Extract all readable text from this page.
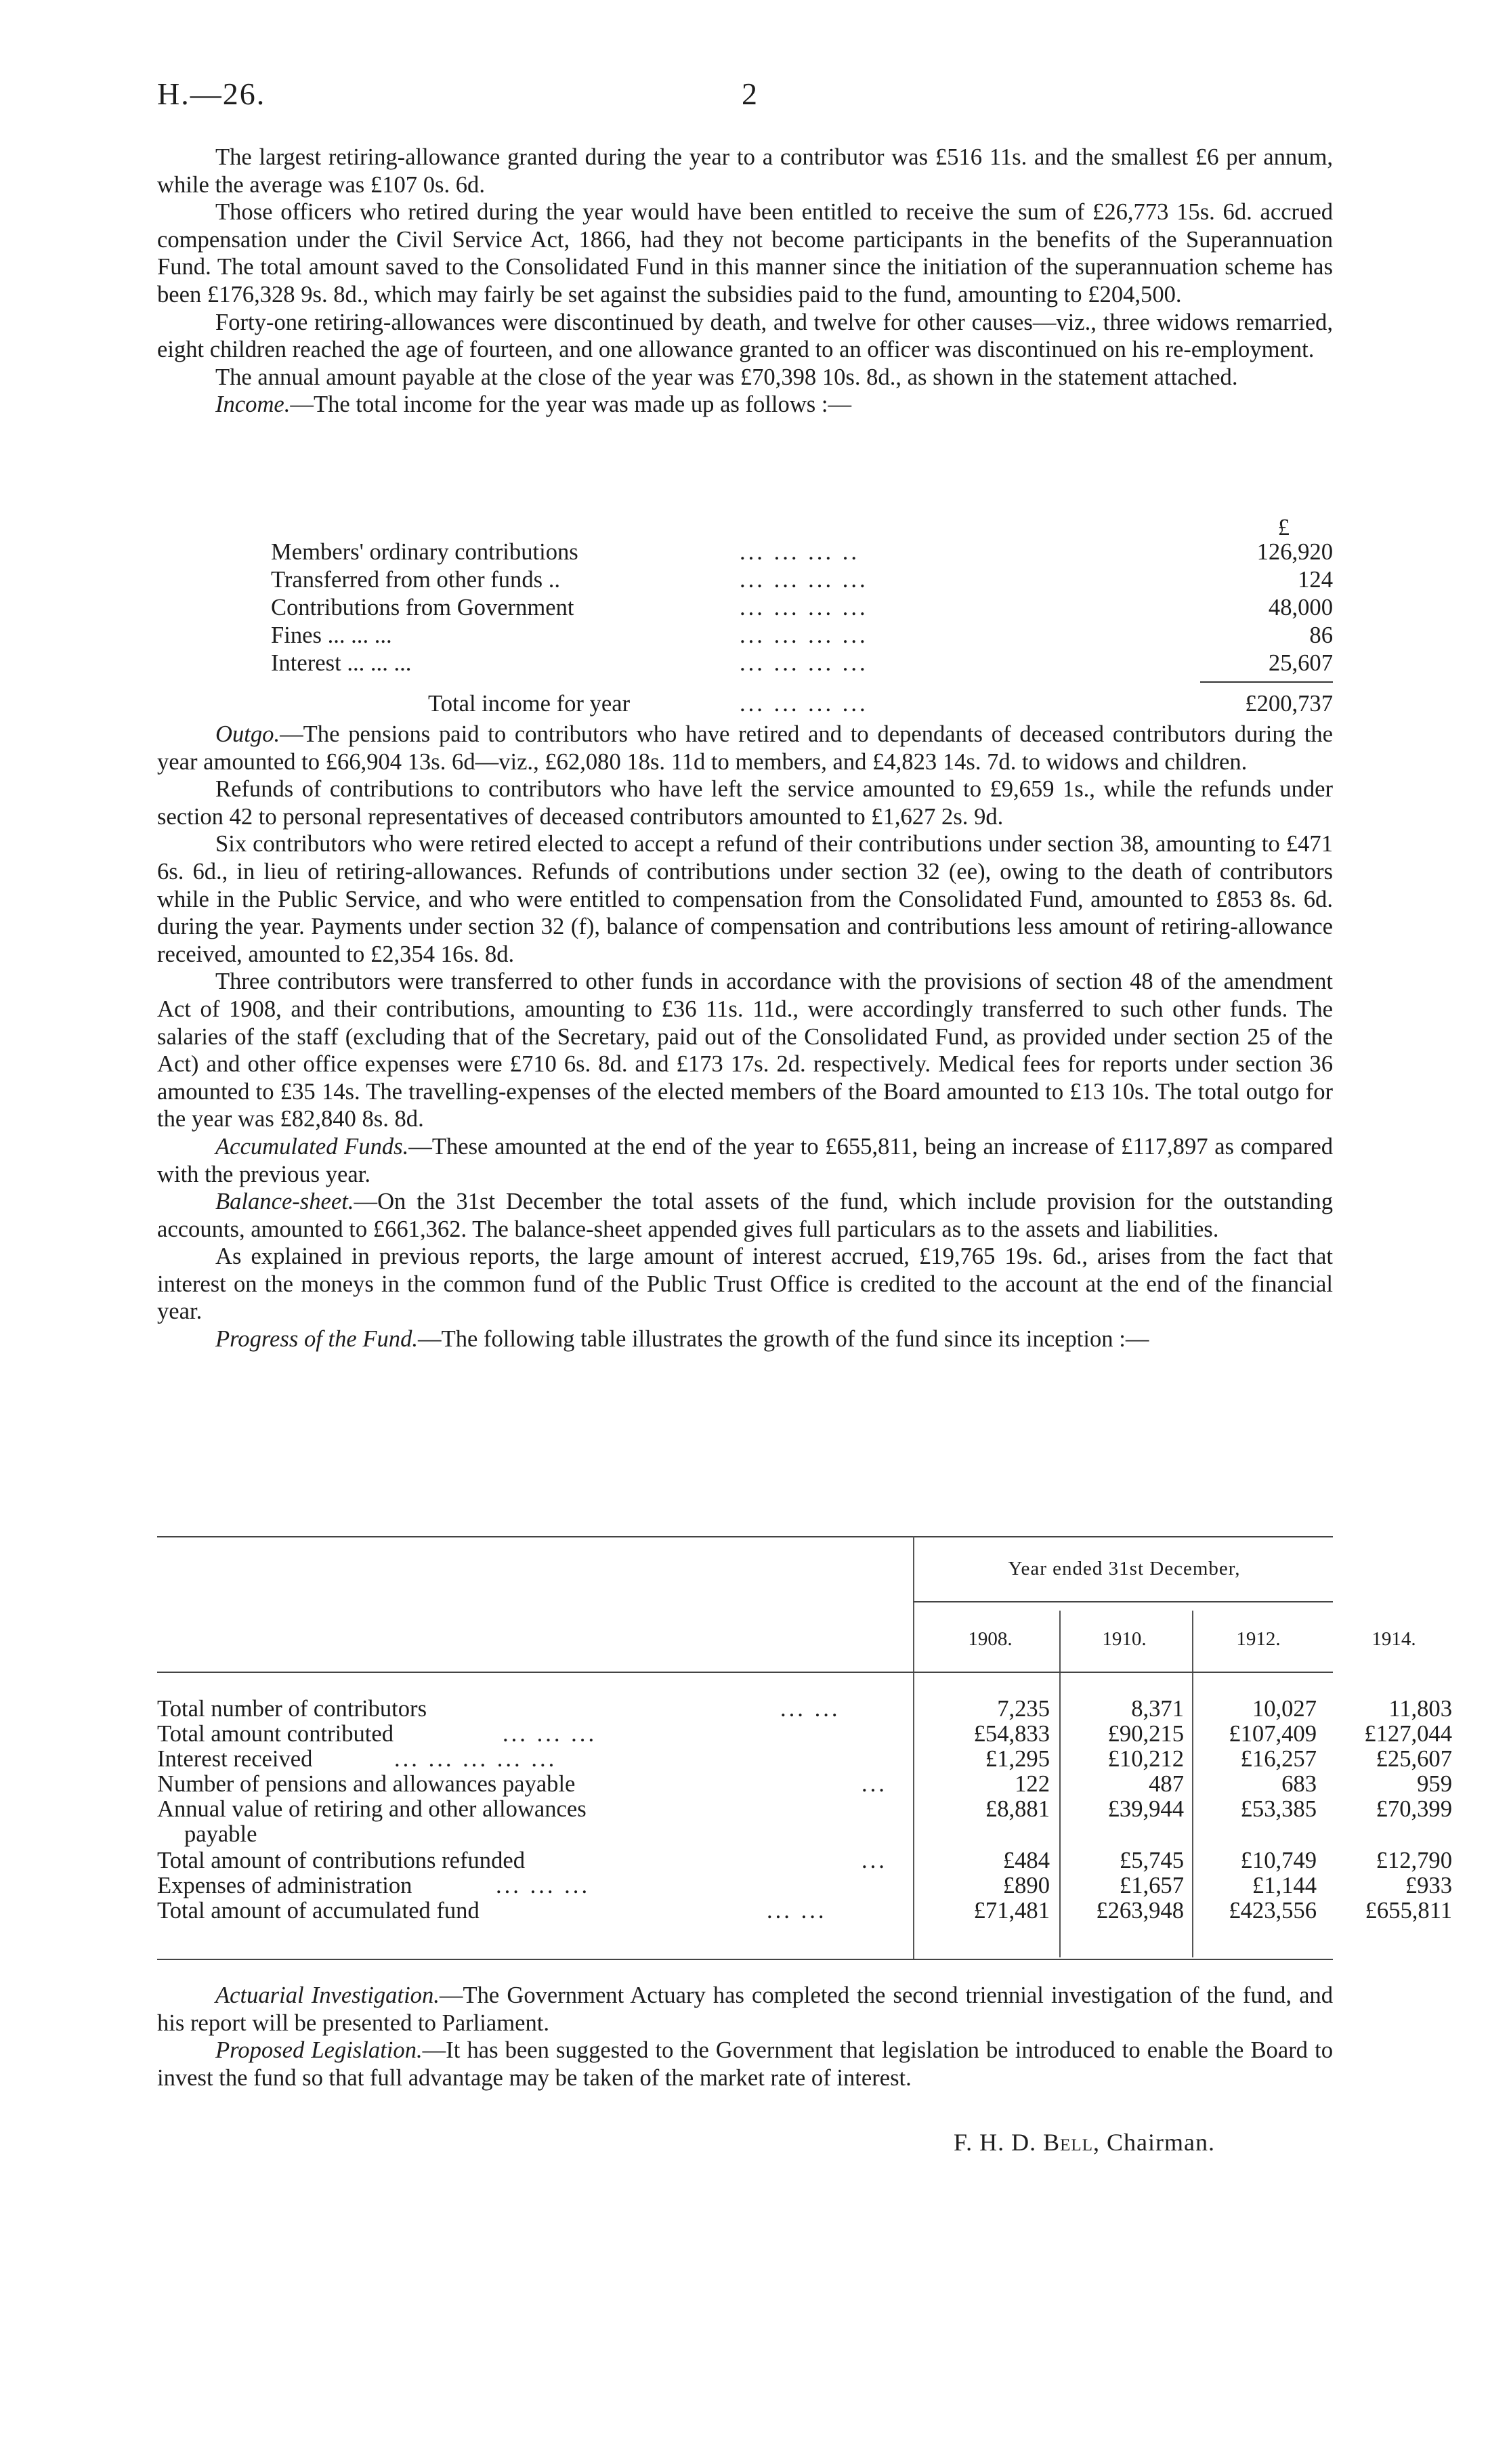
H.—26.	2

The largest retiring-allowance granted during the year to a contributor was £516 11s. and the smallest £6 per annum, while the average was £107 0s. 6d.

Those officers who retired during the year would have been entitled to receive the sum of £26,773 15s. 6d. accrued compensation under the Civil Service Act, 1866, had they not become participants in the benefits of the Superannuation Fund. The total amount saved to the Consolidated Fund in this manner since the initiation of the superannuation scheme has been £176,328 9s. 8d., which may fairly be set against the subsidies paid to the fund, amounting to £204,500.

Forty-one retiring-allowances were discontinued by death, and twelve for other causes—viz., three widows remarried, eight children reached the age of fourteen, and one allowance granted to an officer was discontinued on his re-employment.

The annual amount payable at the close of the year was £70,398 10s. 8d., as shown in the statement attached.

Income.—The total income for the year was made up as follows :—

£
Members' ordinary contributions	... ... ... ..	126,920
Transferred from other funds ..	... ... ... ...	124
Contributions from Government	... ... ... ...	48,000
Fines ... ... ...	... ... ... ...	86
Interest ... ... ...	... ... ... ...	25,607
Total income for year	... ... ... ...	£200,737

Outgo.—The pensions paid to contributors who have retired and to dependants of deceased contributors during the year amounted to £66,904 13s. 6d—viz., £62,080 18s. 11d to members, and £4,823 14s. 7d. to widows and children.

Refunds of contributions to contributors who have left the service amounted to £9,659 1s., while the refunds under section 42 to personal representatives of deceased contributors amounted to £1,627 2s. 9d.

Six contributors who were retired elected to accept a refund of their contributions under section 38, amounting to £471 6s. 6d., in lieu of retiring-allowances. Refunds of contributions under section 32 (ee), owing to the death of contributors while in the Public Service, and who were entitled to compensation from the Consolidated Fund, amounted to £853 8s. 6d. during the year. Payments under section 32 (f), balance of compensation and contributions less amount of retiring-allowance received, amounted to £2,354 16s. 8d.

Three contributors were transferred to other funds in accordance with the provisions of section 48 of the amendment Act of 1908, and their contributions, amounting to £36 11s. 11d., were accordingly transferred to such other funds. The salaries of the staff (excluding that of the Secretary, paid out of the Consolidated Fund, as provided under section 25 of the Act) and other office expenses were £710 6s. 8d. and £173 17s. 2d. respectively. Medical fees for reports under section 36 amounted to £35 14s. The travelling-expenses of the elected members of the Board amounted to £13 10s. The total outgo for the year was £82,840 8s. 8d.

Accumulated Funds.—These amounted at the end of the year to £655,811, being an increase of £117,897 as compared with the previous year.

Balance-sheet.—On the 31st December the total assets of the fund, which include provision for the outstanding accounts, amounted to £661,362. The balance-sheet appended gives full particulars as to the assets and liabilities.

As explained in previous reports, the large amount of interest accrued, £19,765 19s. 6d., arises from the fact that interest on the moneys in the common fund of the Public Trust Office is credited to the account at the end of the financial year.

Progress of the Fund.—The following table illustrates the growth of the fund since its inception :—

Year ended 31st December,
1908.	1910.	1912.	1914.
Total number of contributors	... ...	7,235	8,371	10,027	11,803
Total amount contributed	... ... ...	£54,833	£90,215	£107,409	£127,044
Interest received	... ... ... ... ...	£1,295	£10,212	£16,257	£25,607
Number of pensions and allowances payable	...	122	487	683	959
Annual value of retiring and other allowances
payable
£8,881	£39,944	£53,385	£70,399
Total amount of contributions refunded	...	£484	£5,745	£10,749	£12,790
Expenses of administration	... ... ...	£890	£1,657	£1,144	£933
Total amount of accumulated fund	... ...	£71,481	£263,948	£423,556	£655,811

Actuarial Investigation.—The Government Actuary has completed the second triennial investigation of the fund, and his report will be presented to Parliament.

Proposed Legislation.—It has been suggested to the Government that legislation be introduced to enable the Board to invest the fund so that full advantage may be taken of the market rate of interest.

F. H. D. Bell, Chairman.
